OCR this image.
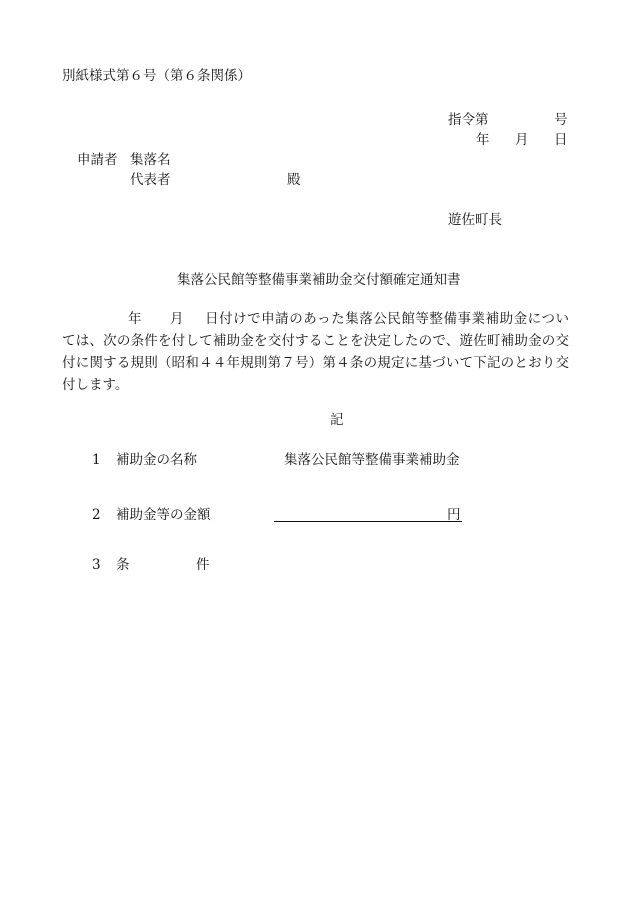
別紙様式第６号（第６条関係）
指令第	号
年 月 日
申請者 集落名
代表者	殿
遊佐町長
集落公民館等整備事業補助金交付額確定通知書
年 月	日付けで申請のあった集落公民館等整備事業補助金については、次の条件を付して補助金を交付することを決定したので、遊佐町補助金の交付に関する規則（昭和４４年規則第７号）第４条の規定に基づいて下記のとおり交付します。
記
1 補助金の名称	集落公民館等整備事業補助金
2 補助金等の金額	円
3 条	件
